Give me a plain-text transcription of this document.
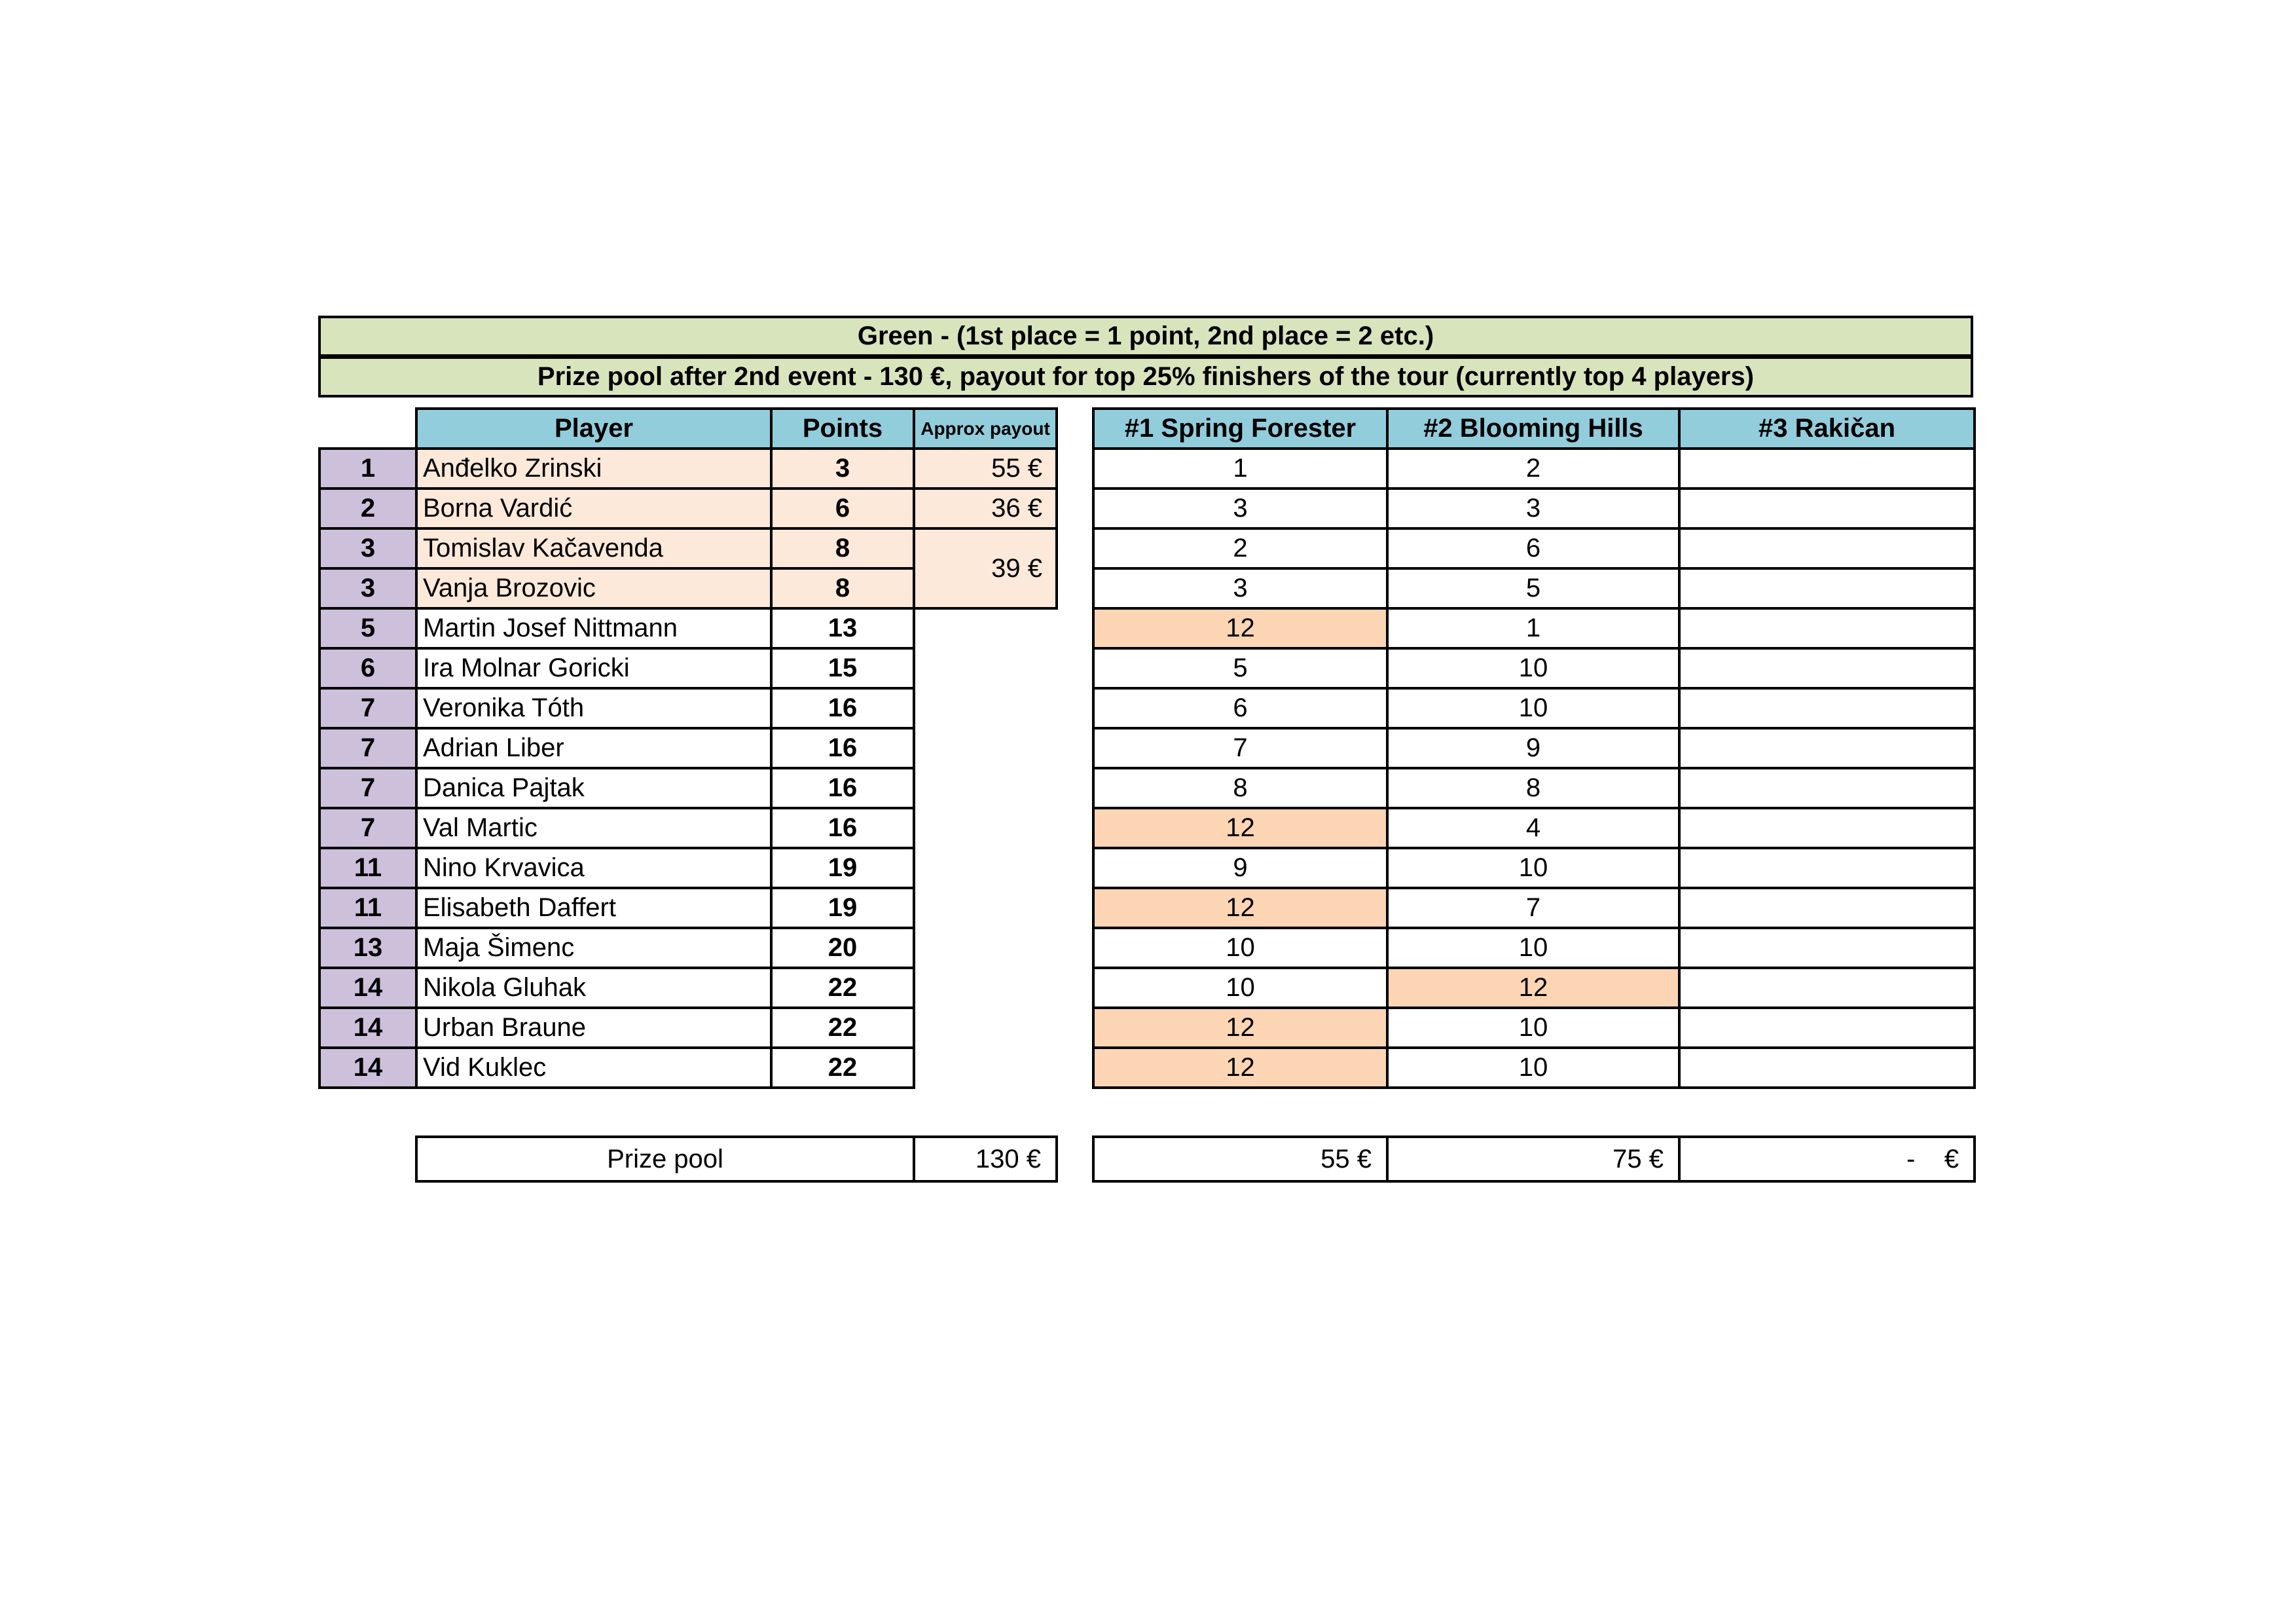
Green - (1st place = 1 point, 2nd place = 2 etc.)
Prize pool after 2nd event - 130 €, payout for top 25% finishers of the tour (currently top 4 players)
	Player	Points	Approx payout
1	Anđelko Zrinski	3	55 €
2	Borna Vardić	6	36 €
3	Tomislav Kačavenda	8	39 €
3	Vanja Brozovic	8	
5	Martin Josef Nittmann	13	
6	Ira Molnar Goricki	15	
7	Veronika Tóth	16	
7	Adrian Liber	16	
7	Danica Pajtak	16	
7	Val Martic	16	
11	Nino Krvavica	19	
11	Elisabeth Daffert	19	
13	Maja Šimenc	20	
14	Nikola Gluhak	22	
14	Urban Braune	22	
14	Vid Kuklec	22	
#1 Spring Forester	#2 Blooming Hills	#3 Rakičan
1	2	
3	3	
2	6	
3	5	
12	1	
5	10	
6	10	
7	9	
8	8	
12	4	
9	10	
12	7	
10	10	
10	12	
12	10	
12	10	
Prize pool	130 €	55 €	75 €	-    €
